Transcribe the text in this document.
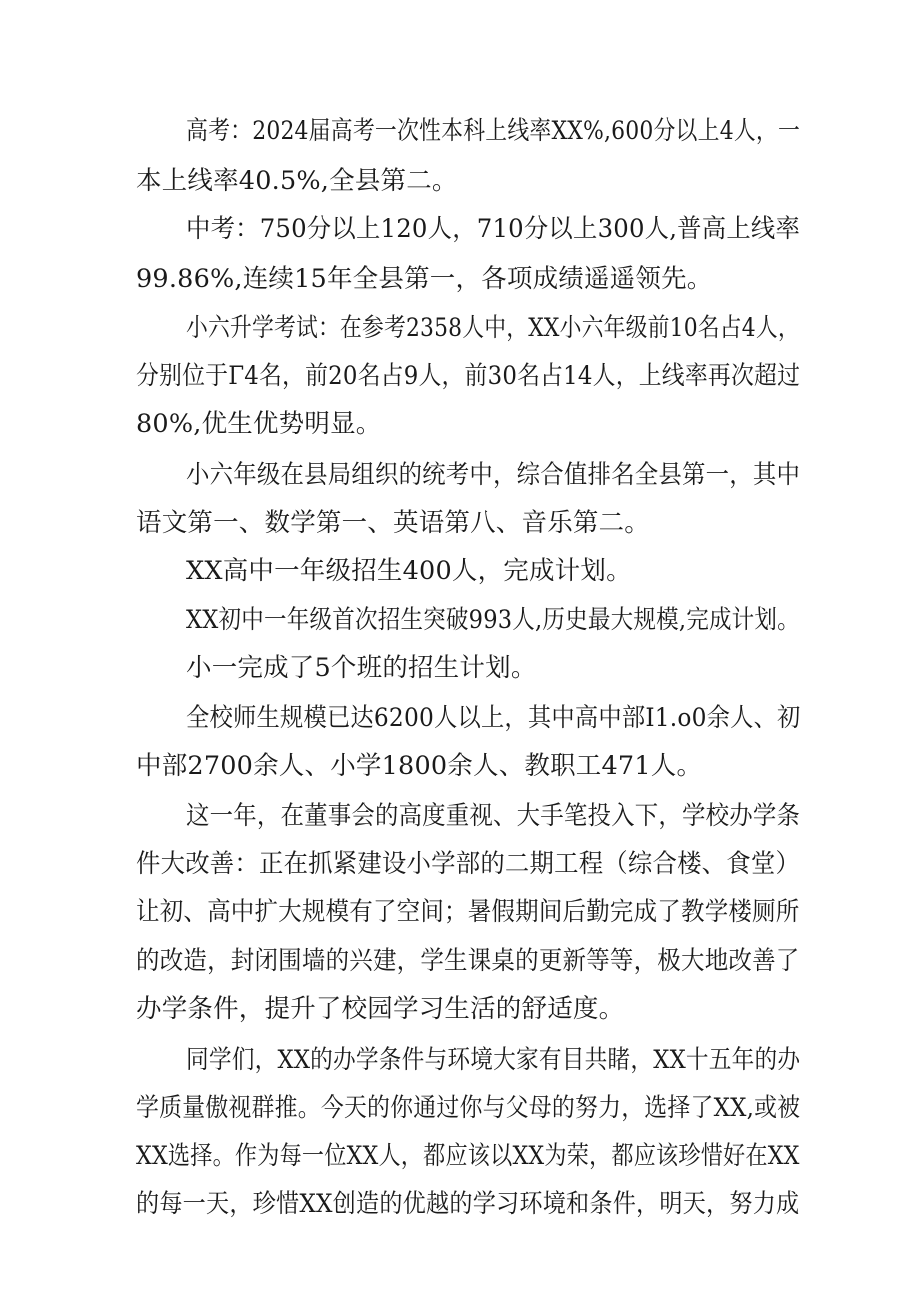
高考：2024届高考一次性本科上线率XX%,600分以上4人，一
本上线率40.5%,全县第二。
中考：750分以上120人，710分以上300人,普高上线率
99.86%,连续15年全县第一，各项成绩遥遥领先。
小六升学考试：在参考2358人中，XX小六年级前10名占4人，
分别位于Γ4名，前20名占9人，前30名占14人，上线率再次超过
80%,优生优势明显。
小六年级在县局组织的统考中，综合值排名全县第一，其中
语文第一、数学第一、英语第八、音乐第二。
XX高中一年级招生400人，完成计划。
XX初中一年级首次招生突破993人,历史最大规模,完成计划。
小一完成了5个班的招生计划。
全校师生规模已达6200人以上，其中高中部I1.o0余人、初
中部2700余人、小学1800余人、教职工471人。
这一年，在董事会的高度重视、大手笔投入下，学校办学条
件大改善：正在抓紧建设小学部的二期工程（综合楼、食堂）
让初、高中扩大规模有了空间；暑假期间后勤完成了教学楼厕所
的改造，封闭围墙的兴建，学生课桌的更新等等，极大地改善了
办学条件，提升了校园学习生活的舒适度。
同学们，XX的办学条件与环境大家有目共睹，XX十五年的办
学质量傲视群推。今天的你通过你与父母的努力，选择了XX,或被
XX选择。作为每一位XX人，都应该以XX为荣，都应该珍惜好在XX
的每一天，珍惜XX创造的优越的学习环境和条件，明天，努力成
